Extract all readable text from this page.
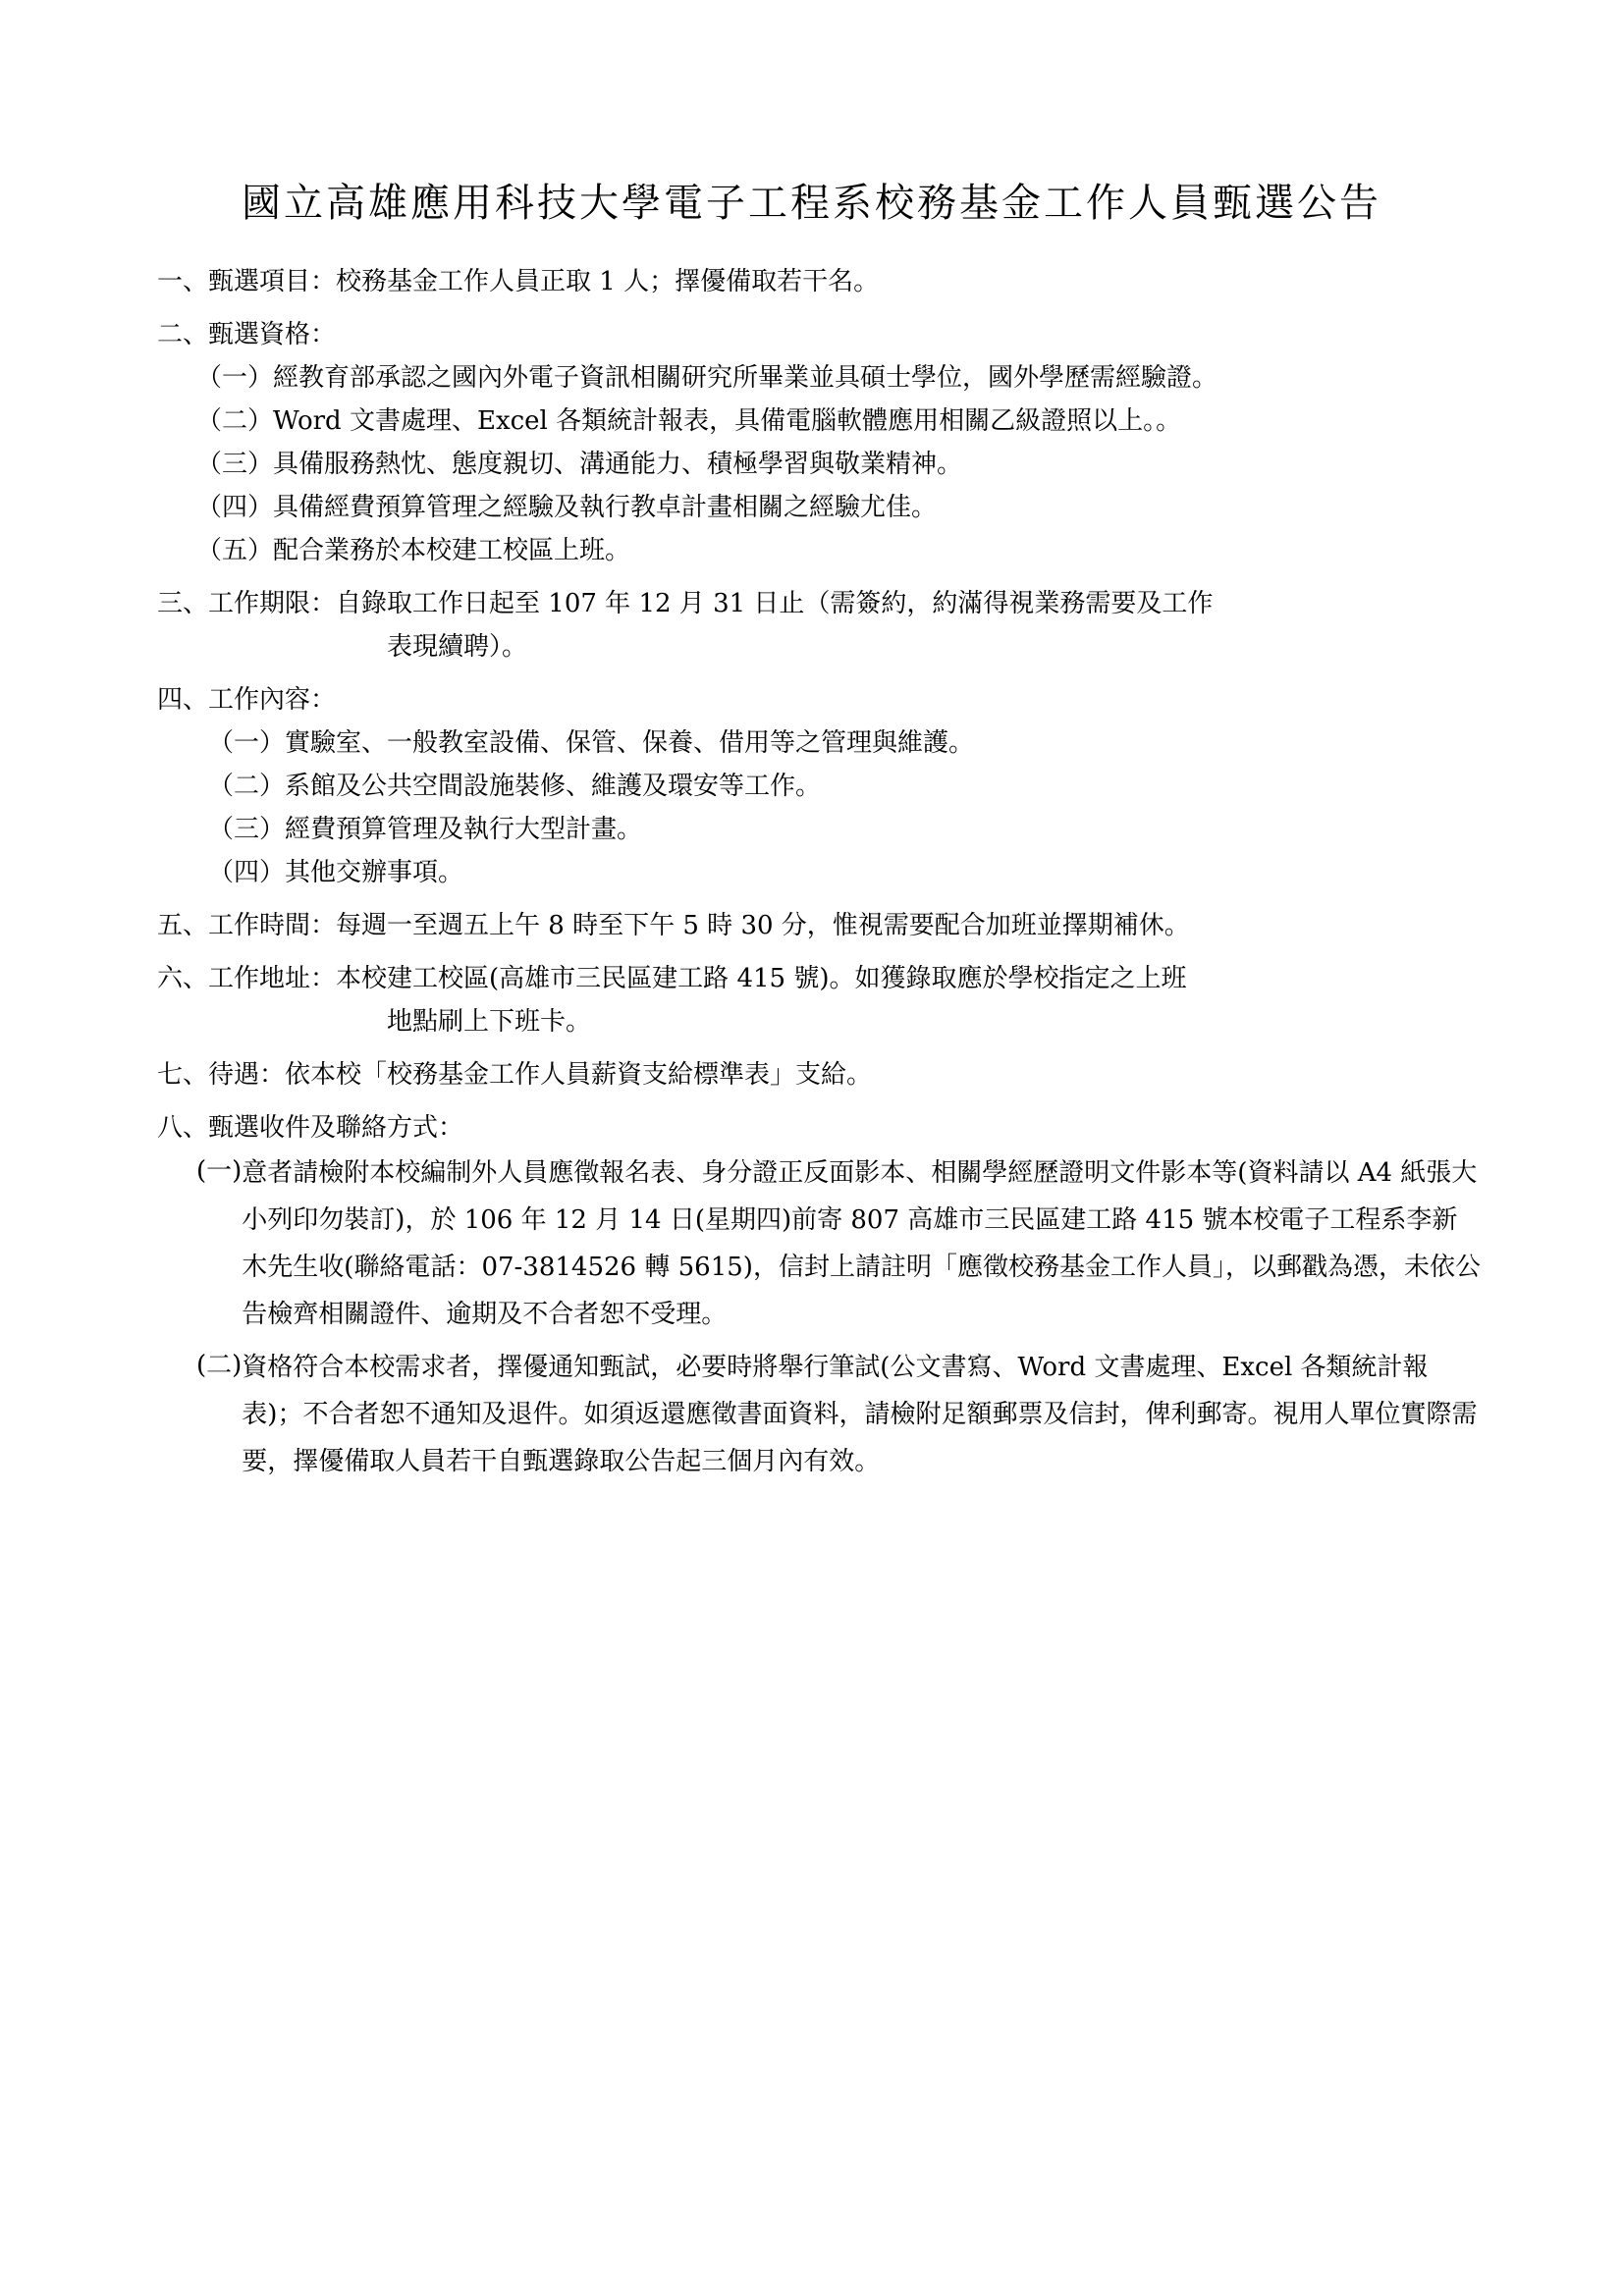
國立高雄應用科技大學電子工程系校務基金工作人員甄選公告
一、 甄選項目： 校務基金工作人員正取 1 人；擇優備取若干名。
二、 甄選資格：
（一） 經教育部承認之國內外電子資訊相關研究所畢業並具碩士學位，國外學歷需經驗證。
（二） Word 文書處理、Excel 各類統計報表，具備電腦軟體應用相關乙級證照以上。。
（三） 具備服務熱忱、態度親切、溝通能力、積極學習與敬業精神。
（四） 具備經費預算管理之經驗及執行教卓計畫相關之經驗尤佳。
（五） 配合業務於本校建工校區上班。
三、 工作期限： 自錄取工作日起至 107 年 12 月 31 日止（需簽約，約滿得視業務需要及工作
表現續聘）。
四、 工作內容：
（一） 實驗室、一般教室設備、保管、保養、借用等之管理與維護。
（二） 系館及公共空間設施裝修、維護及環安等工作。
（三） 經費預算管理及執行大型計畫。
（四） 其他交辦事項。
五、 工作時間： 每週一至週五上午 8 時至下午 5 時 30 分，惟視需要配合加班並擇期補休。
六、 工作地址： 本校建工校區(高雄市三民區建工路 415 號)。如獲錄取應於學校指定之上班
地點刷上下班卡。
七、 待遇： 依本校「校務基金工作人員薪資支給標準表」支給。
八、 甄選收件及聯絡方式：
(一) 意者請檢附本校編制外人員應徵報名表、身分證正反面影本、相關學經歷證明文件影本等(資料請以 A4 紙張大小列印勿裝訂)，於 106 年 12 月 14 日(星期四)前寄 807 高雄市三民區建工路 415 號本校電子工程系李新木先生收(聯絡電話：07-3814526 轉 5615)，信封上請註明「應徵校務基金工作人員」，以郵戳為憑，未依公告檢齊相關證件、逾期及不合者恕不受理。
(二) 資格符合本校需求者，擇優通知甄試，必要時將舉行筆試(公文書寫、Word 文書處理、Excel 各類統計報表)；不合者恕不通知及退件。如須返還應徵書面資料，請檢附足額郵票及信封，俾利郵寄。視用人單位實際需要，擇優備取人員若干自甄選錄取公告起三個月內有效。
